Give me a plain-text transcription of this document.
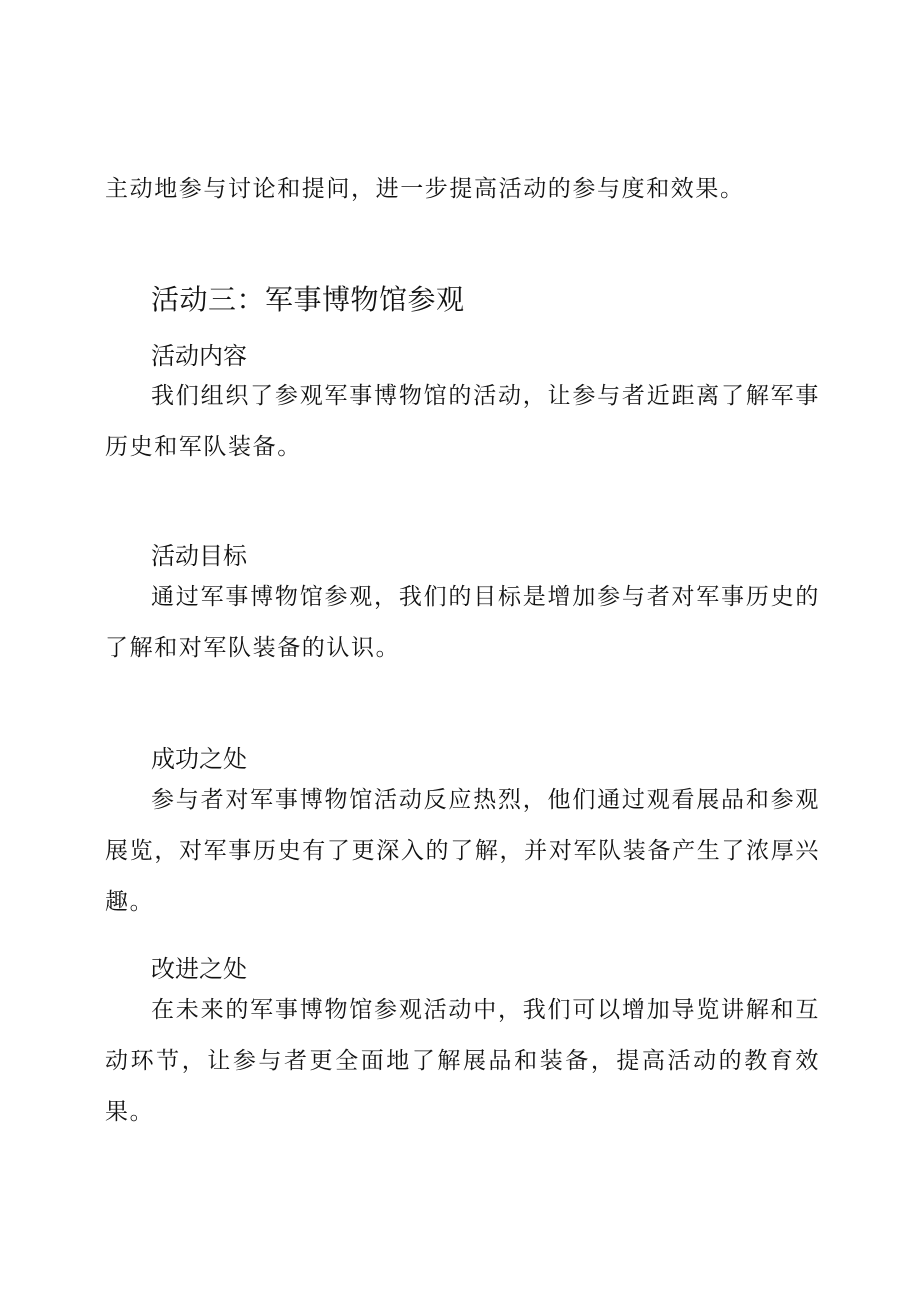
主动地参与讨论和提问，进一步提高活动的参与度和效果。

活动三：军事博物馆参观
活动内容

我们组织了参观军事博物馆的活动，让参与者近距离了解军事历史和军队装备。

活动目标

通过军事博物馆参观，我们的目标是增加参与者对军事历史的了解和对军队装备的认识。

成功之处

参与者对军事博物馆活动反应热烈，他们通过观看展品和参观展览，对军事历史有了更深入的了解，并对军队装备产生了浓厚兴趣。

改进之处

在未来的军事博物馆参观活动中，我们可以增加导览讲解和互动环节，让参与者更全面地了解展品和装备，提高活动的教育效果。
